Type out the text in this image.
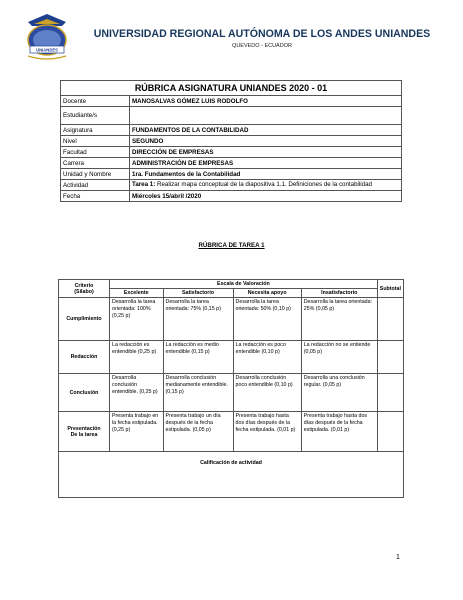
UNIANDES
UNIVERSIDAD REGIONAL AUTÓNOMA DE LOS ANDES UNIANDES
QUEVEDO - ECUADOR
RÚBRICA ASIGNATURA UNIANDES 2020 - 01	
Docente	MANOSALVAS GÓMEZ LUIS RODOLFO
Estudiante/s	
Asignatura	FUNDAMENTOS DE LA CONTABILIDAD
Nivel	SEGUNDO
Facultad	DIRECCIÓN DE EMPRESAS
Carrera	ADMINISTRACIÓN DE EMPRESAS
Unidad y Nombre	1ra. Fundamentos de la Contabilidad
Actividad	Tarea 1: Realizar mapa conceptual de la diapositiva 1.1. Definiciones de la contabilidad
Fecha	Miércoles 15/abril /2020
RÚBRICA DE TAREA 1
Criterio
(Silabo)	Escala de Valoración				Subtotal
	Excelente	Satisfactorio	Necesita apoyo	Insatisfactorio	
Cumplimiento	Desarrolla la tarea orientada: 100% (0,25 p)	Desarrolla la tarea orientada: 75% (0,15 p)	Desarrolla la tarea orientada: 50% (0,10 p)	Desarrolla la tarea orientada: 25% (0,05 p)	
Redacción	La redacción es entendible (0,25 p)	La redacción es medio entendible (0,15 p)	La redacción es poco entendible (0,10 p)	La redacción no se entiende (0,05 p)	
Conclusión	Desarrolla conclusión entendible. (0,25 p)	Desarrolla conclusión medianamente entendible. (0,15 p)	Desarrolla conclusión poco entendible (0,10 p)	Desarrolla una conclusión regular. (0,05 p)	
Presentación
De la tarea	Presenta trabajo en la fecha estipulada. (0,25 p)	Presenta trabajo un día después de la fecha estipulada. (0,05 p)	Presenta trabajo hasta dos días después de la fecha estipulada. (0,01 p)	Presenta trabajo hasta dos días después de la fecha estipulada. (0,01 p)	
Calificación de actividad					
1
